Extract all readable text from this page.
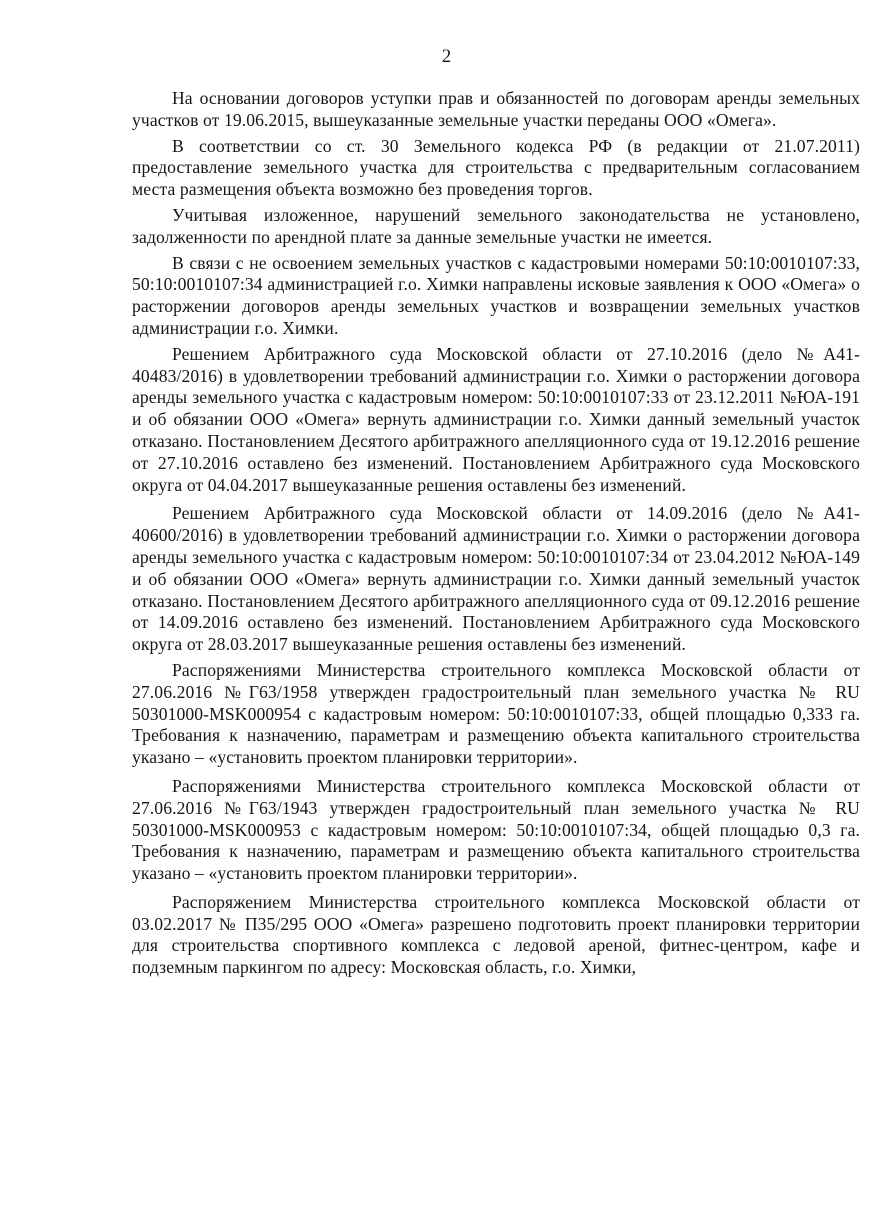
2

На основании договоров уступки прав и обязанностей по договорам аренды земельных участков от 19.06.2015, вышеуказанные земельные участки переданы ООО «Омега».

В соответствии со ст. 30 Земельного кодекса РФ (в редакции от 21.07.2011) предоставление земельного участка для строительства с предварительным согласованием места размещения объекта возможно без проведения торгов.

Учитывая изложенное, нарушений земельного законодательства не установлено, задолженности по арендной плате за данные земельные участки не имеется.

В связи с не освоением земельных участков с кадастровыми номерами 50:10:0010107:33, 50:10:0010107:34 администрацией г.о. Химки направлены исковые заявления к ООО «Омега» о расторжении договоров аренды земельных участков и возвращении земельных участков администрации г.о. Химки.

Решением Арбитражного суда Московской области от 27.10.2016 (дело №А41-40483/2016) в удовлетворении требований администрации г.о. Химки о расторжении договора аренды земельного участка с кадастровым номером: 50:10:0010107:33 от 23.12.2011 №ЮА-191 и об обязании ООО «Омега» вернуть администрации г.о. Химки данный земельный участок отказано. Постановлением Десятого арбитражного апелляционного суда от 19.12.2016 решение от 27.10.2016 оставлено без изменений. Постановлением Арбитражного суда Московского округа от 04.04.2017 вышеуказанные решения оставлены без изменений.

Решением Арбитражного суда Московской области от 14.09.2016 (дело №А41-40600/2016) в удовлетворении требований администрации г.о. Химки о расторжении договора аренды земельного участка с кадастровым номером: 50:10:0010107:34 от 23.04.2012 №ЮА-149 и об обязании ООО «Омега» вернуть администрации г.о. Химки данный земельный участок отказано. Постановлением Десятого арбитражного апелляционного суда от 09.12.2016 решение от 14.09.2016 оставлено без изменений. Постановлением Арбитражного суда Московского округа от 28.03.2017 вышеуказанные решения оставлены без изменений.

Распоряжениями Министерства строительного комплекса Московской области от 27.06.2016 №Г63/1958 утвержден градостроительный план земельного участка № RU 50301000-MSK000954 с кадастровым номером: 50:10:0010107:33, общей площадью 0,333 га. Требования к назначению, параметрам и размещению объекта капитального строительства указано – «установить проектом планировки территории».

Распоряжениями Министерства строительного комплекса Московской области от 27.06.2016 №Г63/1943 утвержден градостроительный план земельного участка № RU 50301000-MSK000953 с кадастровым номером: 50:10:0010107:34, общей площадью 0,3 га. Требования к назначению, параметрам и размещению объекта капитального строительства указано – «установить проектом планировки территории».

Распоряжением Министерства строительного комплекса Московской области от 03.02.2017 № П35/295 ООО «Омега» разрешено подготовить проект планировки территории для строительства спортивного комплекса с ледовой ареной, фитнес-центром, кафе и подземным паркингом по адресу: Московская область, г.о. Химки,
